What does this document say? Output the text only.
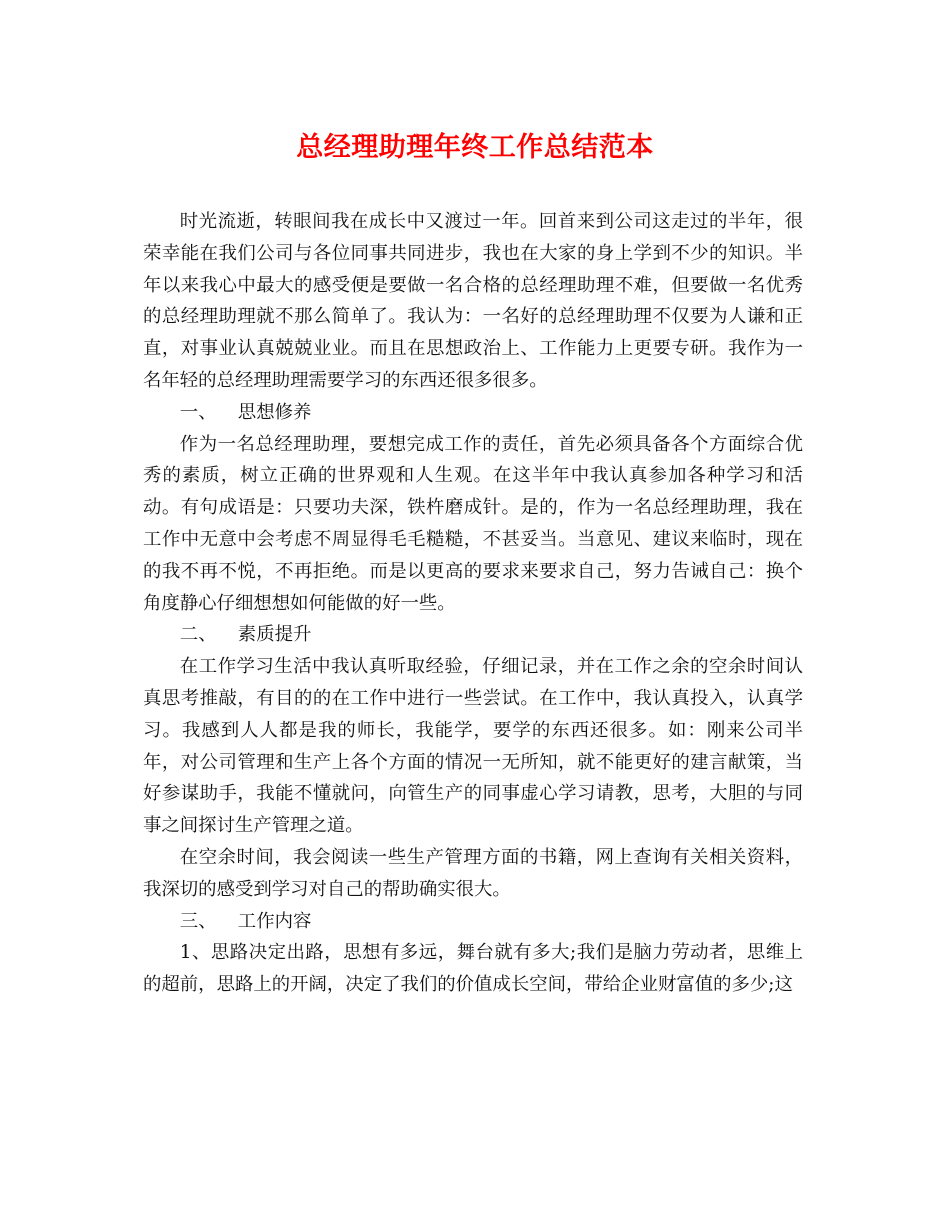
总经理助理年终工作总结范本

时光流逝，转眼间我在成长中又渡过一年。回首来到公司这走过的半年，很荣幸能在我们公司与各位同事共同进步，我也在大家的身上学到不少的知识。半年以来我心中最大的感受便是要做一名合格的总经理助理不难，但要做一名优秀的总经理助理就不那么简单了。我认为：一名好的总经理助理不仅要为人谦和正直，对事业认真兢兢业业。而且在思想政治上、工作能力上更要专研。我作为一名年轻的总经理助理需要学习的东西还很多很多。

一、 思想修养

作为一名总经理助理，要想完成工作的责任，首先必须具备各个方面综合优秀的素质，树立正确的世界观和人生观。在这半年中我认真参加各种学习和活动。有句成语是：只要功夫深，铁杵磨成针。是的，作为一名总经理助理，我在工作中无意中会考虑不周显得毛毛糙糙，不甚妥当。当意见、建议来临时，现在的我不再不悦，不再拒绝。而是以更高的要求来要求自己，努力告诫自己：换个角度静心仔细想想如何能做的好一些。

二、 素质提升

在工作学习生活中我认真听取经验，仔细记录，并在工作之余的空余时间认真思考推敲，有目的的在工作中进行一些尝试。在工作中，我认真投入，认真学习。我感到人人都是我的师长，我能学，要学的东西还很多。如：刚来公司半年，对公司管理和生产上各个方面的情况一无所知，就不能更好的建言献策，当好参谋助手，我能不懂就问，向管生产的同事虚心学习请教，思考，大胆的与同事之间探讨生产管理之道。

在空余时间，我会阅读一些生产管理方面的书籍，网上查询有关相关资料，我深切的感受到学习对自己的帮助确实很大。

三、 工作内容

1、思路决定出路，思想有多远，舞台就有多大;我们是脑力劳动者，思维上的超前，思路上的开阔，决定了我们的价值成长空间，带给企业财富值的多少;这
